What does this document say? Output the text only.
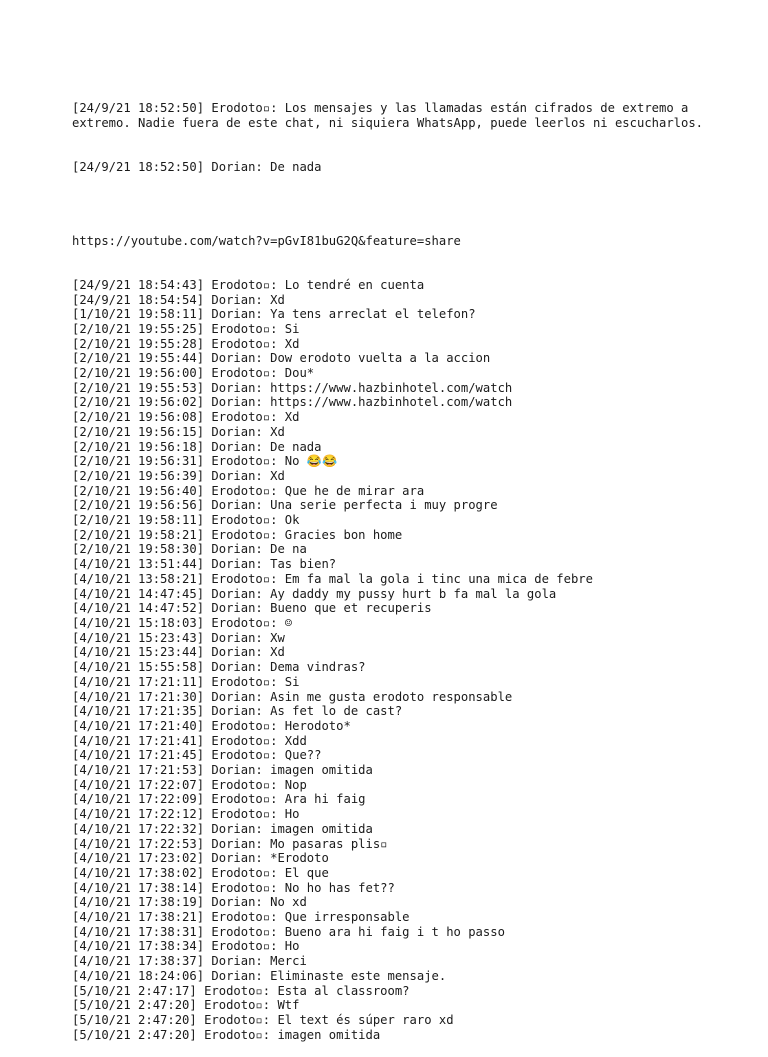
[24/9/21 18:52:50] Erodoto▫: Los mensajes y las llamadas están cifrados de extremo a extremo. Nadie fuera de este chat, ni siquiera WhatsApp, puede leerlos ni escucharlos.

[24/9/21 18:52:50] Dorian: De nada

https://youtube.com/watch?v=pGvI81buG2Q&feature=share

[24/9/21 18:54:43] Erodoto▫: Lo tendré en cuenta
[24/9/21 18:54:54] Dorian: Xd
[1/10/21 19:58:11] Dorian: Ya tens arreclat el telefon?
[2/10/21 19:55:25] Erodoto▫: Si
[2/10/21 19:55:28] Erodoto▫: Xd
[2/10/21 19:55:44] Dorian: Dow erodoto vuelta a la accion
[2/10/21 19:56:00] Erodoto▫: Dou*
[2/10/21 19:55:53] Dorian: https://www.hazbinhotel.com/watch
[2/10/21 19:56:02] Dorian: https://www.hazbinhotel.com/watch
[2/10/21 19:56:08] Erodoto▫: Xd
[2/10/21 19:56:15] Dorian: Xd
[2/10/21 19:56:18] Dorian: De nada
[2/10/21 19:56:31] Erodoto▫: No 😂😂
[2/10/21 19:56:39] Dorian: Xd
[2/10/21 19:56:40] Erodoto▫: Que he de mirar ara
[2/10/21 19:56:56] Dorian: Una serie perfecta i muy progre
[2/10/21 19:58:11] Erodoto▫: Ok
[2/10/21 19:58:21] Erodoto▫: Gracies bon home
[2/10/21 19:58:30] Dorian: De na
[4/10/21 13:51:44] Dorian: Tas bien?
[4/10/21 13:58:21] Erodoto▫: Em fa mal la gola i tinc una mica de febre
[4/10/21 14:47:45] Dorian: Ay daddy my pussy hurt b fa mal la gola
[4/10/21 14:47:52] Dorian: Bueno que et recuperis
[4/10/21 15:18:03] Erodoto▫: ☺
[4/10/21 15:23:43] Dorian: Xw
[4/10/21 15:23:44] Dorian: Xd
[4/10/21 15:55:58] Dorian: Dema vindras?
[4/10/21 17:21:11] Erodoto▫: Si
[4/10/21 17:21:30] Dorian: Asin me gusta erodoto responsable
[4/10/21 17:21:35] Dorian: As fet lo de cast?
[4/10/21 17:21:40] Erodoto▫: Herodoto*
[4/10/21 17:21:41] Erodoto▫: Xdd
[4/10/21 17:21:45] Erodoto▫: Que??
[4/10/21 17:21:53] Dorian: imagen omitida
[4/10/21 17:22:07] Erodoto▫: Nop
[4/10/21 17:22:09] Erodoto▫: Ara hi faig
[4/10/21 17:22:12] Erodoto▫: Ho
[4/10/21 17:22:32] Dorian: imagen omitida
[4/10/21 17:22:53] Dorian: Mo pasaras plis▫
[4/10/21 17:23:02] Dorian: *Erodoto
[4/10/21 17:38:02] Erodoto▫: El que
[4/10/21 17:38:14] Erodoto▫: No ho has fet??
[4/10/21 17:38:19] Dorian: No xd
[4/10/21 17:38:21] Erodoto▫: Que irresponsable
[4/10/21 17:38:31] Erodoto▫: Bueno ara hi faig i t ho passo
[4/10/21 17:38:34] Erodoto▫: Ho
[4/10/21 17:38:37] Dorian: Merci
[4/10/21 18:24:06] Dorian: Eliminaste este mensaje.
[5/10/21 2:47:17] Erodoto▫: Esta al classroom?
[5/10/21 2:47:20] Erodoto▫: Wtf
[5/10/21 2:47:20] Erodoto▫: El text és súper raro xd
[5/10/21 2:47:20] Erodoto▫: imagen omitida
